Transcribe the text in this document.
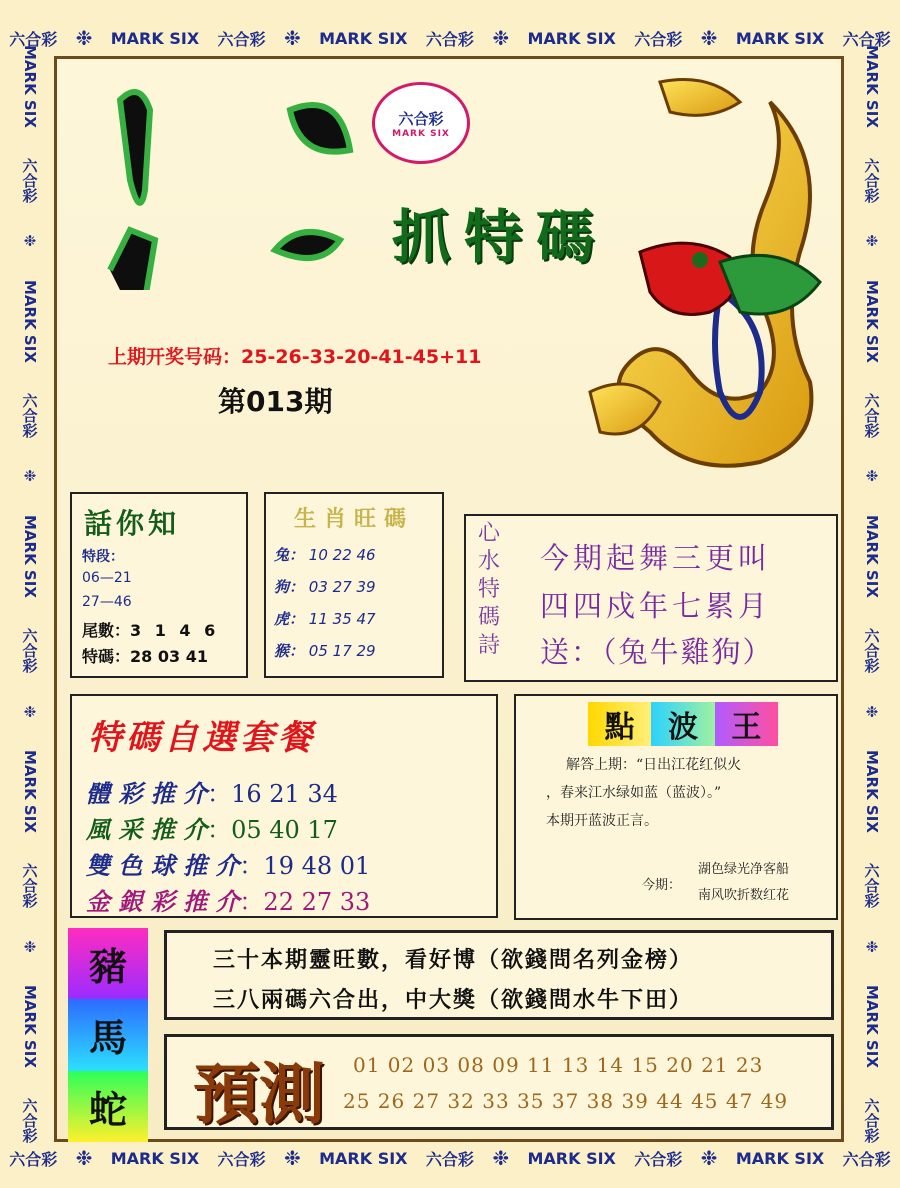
六合彩 ❉ MARK SIX 六合彩 ❉ MARK SIX 六合彩 ❉ MARK SIX 六合彩 ❉ MARK SIX 六合彩
六合彩 ❉ MARK SIX 六合彩 ❉ MARK SIX 六合彩 ❉ MARK SIX 六合彩 ❉ MARK SIX 六合彩
MARK SIX
六合彩
❉
MARK SIX
六合彩
❉
MARK SIX
六合彩
❉
MARK SIX
六合彩
❉
MARK SIX
六合彩
MARK SIX
六合彩
❉
MARK SIX
六合彩
❉
MARK SIX
六合彩
❉
MARK SIX
六合彩
❉
MARK SIX
六合彩
六合彩
MARK SIX
抓特碼
上期开奖号码：25-26-33-20-41-45+11
第013期
話你知
特段：
06—21
27—46
尾數：3 1 4 6
特碼：28 03 41
生肖旺碼
兔： 10 22 46
狗： 03 27 39
虎： 11 35 47
猴： 05 17 29
心水特碼詩
今期起舞三更叫
四四戍年七累月
送：（兔牛雞狗）
特碼自選套餐
體 彩 推 介：16 21 34
風 采 推 介：05 40 17
雙 色 球 推 介：19 48 01
金 銀 彩 推 介：22 27 33
點	波	王
解答上期：“日出江花红似火
，春来江水绿如蓝（蓝波）。”
本期开蓝波正言。
今期：
湖色绿光净客船
南风吹折数红花
豬
馬
蛇
三十本期靈旺數，看好博（欲錢問名列金榜）
三八兩碼六合出，中大獎（欲錢問水牛下田）
預測 01 02 03 08 09 11 13 14 15 20 21 23
25 26 27 32 33 35 37 38 39 44 45 47 49
